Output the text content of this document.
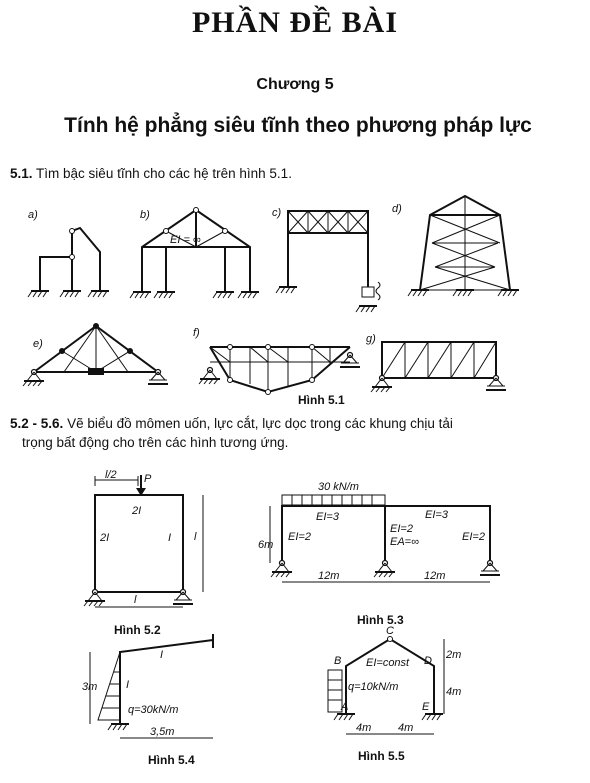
PHẦN ĐỀ BÀI
Chương 5
Tính hệ phẳng siêu tĩnh theo phương pháp lực
5.1. Tìm bậc siêu tĩnh cho các hệ trên hình 5.1.
5.2 - 5.6. Vẽ biểu đồ mômen uốn, lực cắt, lực dọc trong các khung chịu tải
trọng bất động cho trên các hình tương ứng.
a)	b)
EI = ∞
c)	d)
e)
f)	g)
Hình 5.1
l/2 P
2I
2I	I l
l
Hình 5.2
30 kN/m
EI=3	EI=3
6m
EI=2
EI=2
EA=∞	EI=2
12m	12m
Hình 5.3
3m	I
I
q=30kN/m
3,5m
Hình 5.4
C
B	D
A	E
EI=const
q=10kN/m
2m
4m
4m 4m
Hình 5.5
